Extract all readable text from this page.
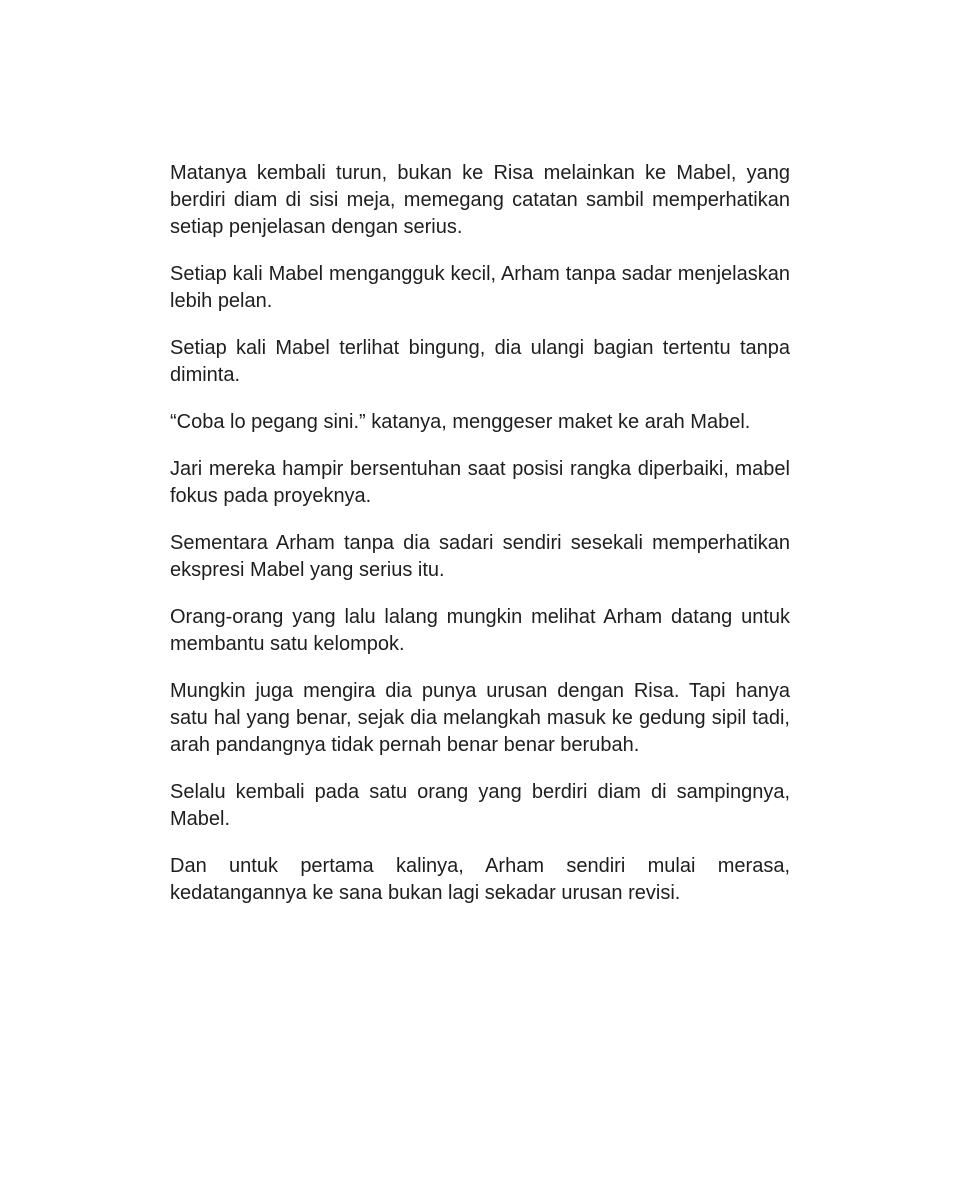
Matanya kembali turun, bukan ke Risa melainkan ke Mabel, yang berdiri diam di sisi meja, memegang catatan sambil memperhatikan setiap penjelasan dengan serius.

Setiap kali Mabel mengangguk kecil, Arham tanpa sadar menjelaskan lebih pelan.

Setiap kali Mabel terlihat bingung, dia ulangi bagian tertentu tanpa diminta.

“Coba lo pegang sini.” katanya, menggeser maket ke arah Mabel.

Jari mereka hampir bersentuhan saat posisi rangka diperbaiki, mabel fokus pada proyeknya.

Sementara Arham tanpa dia sadari sendiri sesekali memperhatikan ekspresi Mabel yang serius itu.

Orang-orang yang lalu lalang mungkin melihat Arham datang untuk membantu satu kelompok.

Mungkin juga mengira dia punya urusan dengan Risa. Tapi hanya satu hal yang benar, sejak dia melangkah masuk ke gedung sipil tadi, arah pandangnya tidak pernah benar benar berubah.

Selalu kembali pada satu orang yang berdiri diam di sampingnya, Mabel.

Dan untuk pertama kalinya, Arham sendiri mulai merasa, kedatangannya ke sana bukan lagi sekadar urusan revisi.
